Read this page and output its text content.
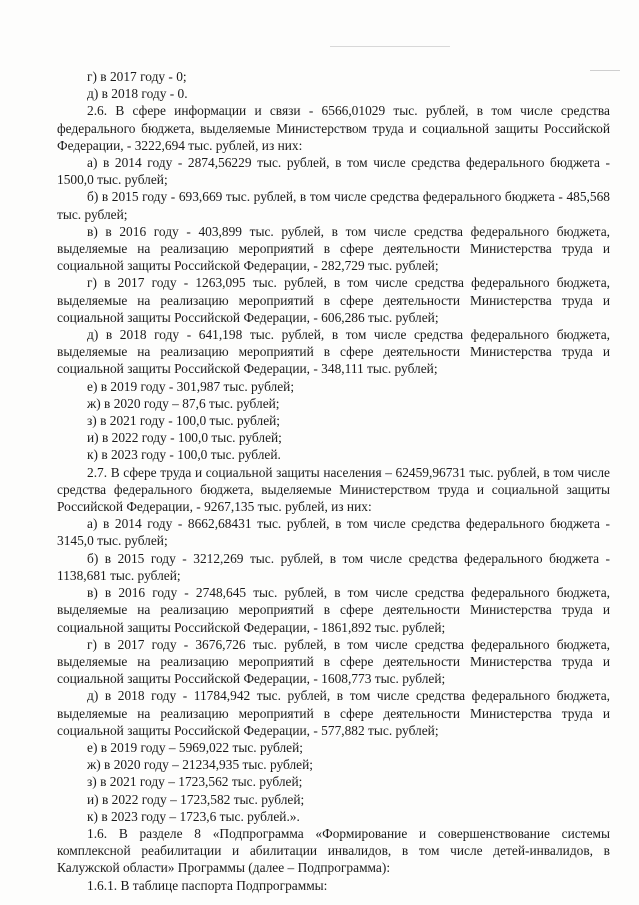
г) в 2017 году - 0;

д) в 2018 году - 0.

2.6. В сфере информации и связи - 6566,01029 тыс. рублей, в том числе средства федерального бюджета, выделяемые Министерством труда и социальной защиты Российской Федерации, - 3222,694 тыс. рублей, из них:

а) в 2014 году - 2874,56229 тыс. рублей, в том числе средства федерального бюджета - 1500,0 тыс. рублей;

б) в 2015 году - 693,669 тыс. рублей, в том числе средства федерального бюджета - 485,568 тыс. рублей;

в) в 2016 году - 403,899 тыс. рублей, в том числе средства федерального бюджета, выделяемые на реализацию мероприятий в сфере деятельности Министерства труда и социальной защиты Российской Федерации, - 282,729 тыс. рублей;

г) в 2017 году - 1263,095 тыс. рублей, в том числе средства федерального бюджета, выделяемые на реализацию мероприятий в сфере деятельности Министерства труда и социальной защиты Российской Федерации, - 606,286 тыс. рублей;

д) в 2018 году - 641,198 тыс. рублей, в том числе средства федерального бюджета, выделяемые на реализацию мероприятий в сфере деятельности Министерства труда и социальной защиты Российской Федерации, - 348,111 тыс. рублей;

е) в 2019 году - 301,987 тыс. рублей;

ж) в 2020 году – 87,6 тыс. рублей;

з) в 2021 году - 100,0 тыс. рублей;

и) в 2022 году - 100,0 тыс. рублей;

к) в 2023 году - 100,0 тыс. рублей.

2.7. В сфере труда и социальной защиты населения – 62459,96731 тыс. рублей, в том числе средства федерального бюджета, выделяемые Министерством труда и социальной защиты Российской Федерации, - 9267,135 тыс. рублей, из них:

а) в 2014 году - 8662,68431 тыс. рублей, в том числе средства федерального бюджета - 3145,0 тыс. рублей;

б) в 2015 году - 3212,269 тыс. рублей, в том числе средства федерального бюджета - 1138,681 тыс. рублей;

в) в 2016 году - 2748,645 тыс. рублей, в том числе средства федерального бюджета, выделяемые на реализацию мероприятий в сфере деятельности Министерства труда и социальной защиты Российской Федерации, - 1861,892 тыс. рублей;

г) в 2017 году - 3676,726 тыс. рублей, в том числе средства федерального бюджета, выделяемые на реализацию мероприятий в сфере деятельности Министерства труда и социальной защиты Российской Федерации, - 1608,773 тыс. рублей;

д) в 2018 году - 11784,942 тыс. рублей, в том числе средства федерального бюджета, выделяемые на реализацию мероприятий в сфере деятельности Министерства труда и социальной защиты Российской Федерации, - 577,882 тыс. рублей;

е) в 2019 году – 5969,022 тыс. рублей;

ж) в 2020 году – 21234,935 тыс. рублей;

з) в 2021 году – 1723,562 тыс. рублей;

и) в 2022 году – 1723,582 тыс. рублей;

к) в 2023 году – 1723,6 тыс. рублей.».

1.6. В разделе 8 «Подпрограмма «Формирование и совершенствование системы комплексной реабилитации и абилитации инвалидов, в том числе детей-инвалидов, в Калужской области» Программы (далее – Подпрограмма):

1.6.1. В таблице паспорта Подпрограммы:
